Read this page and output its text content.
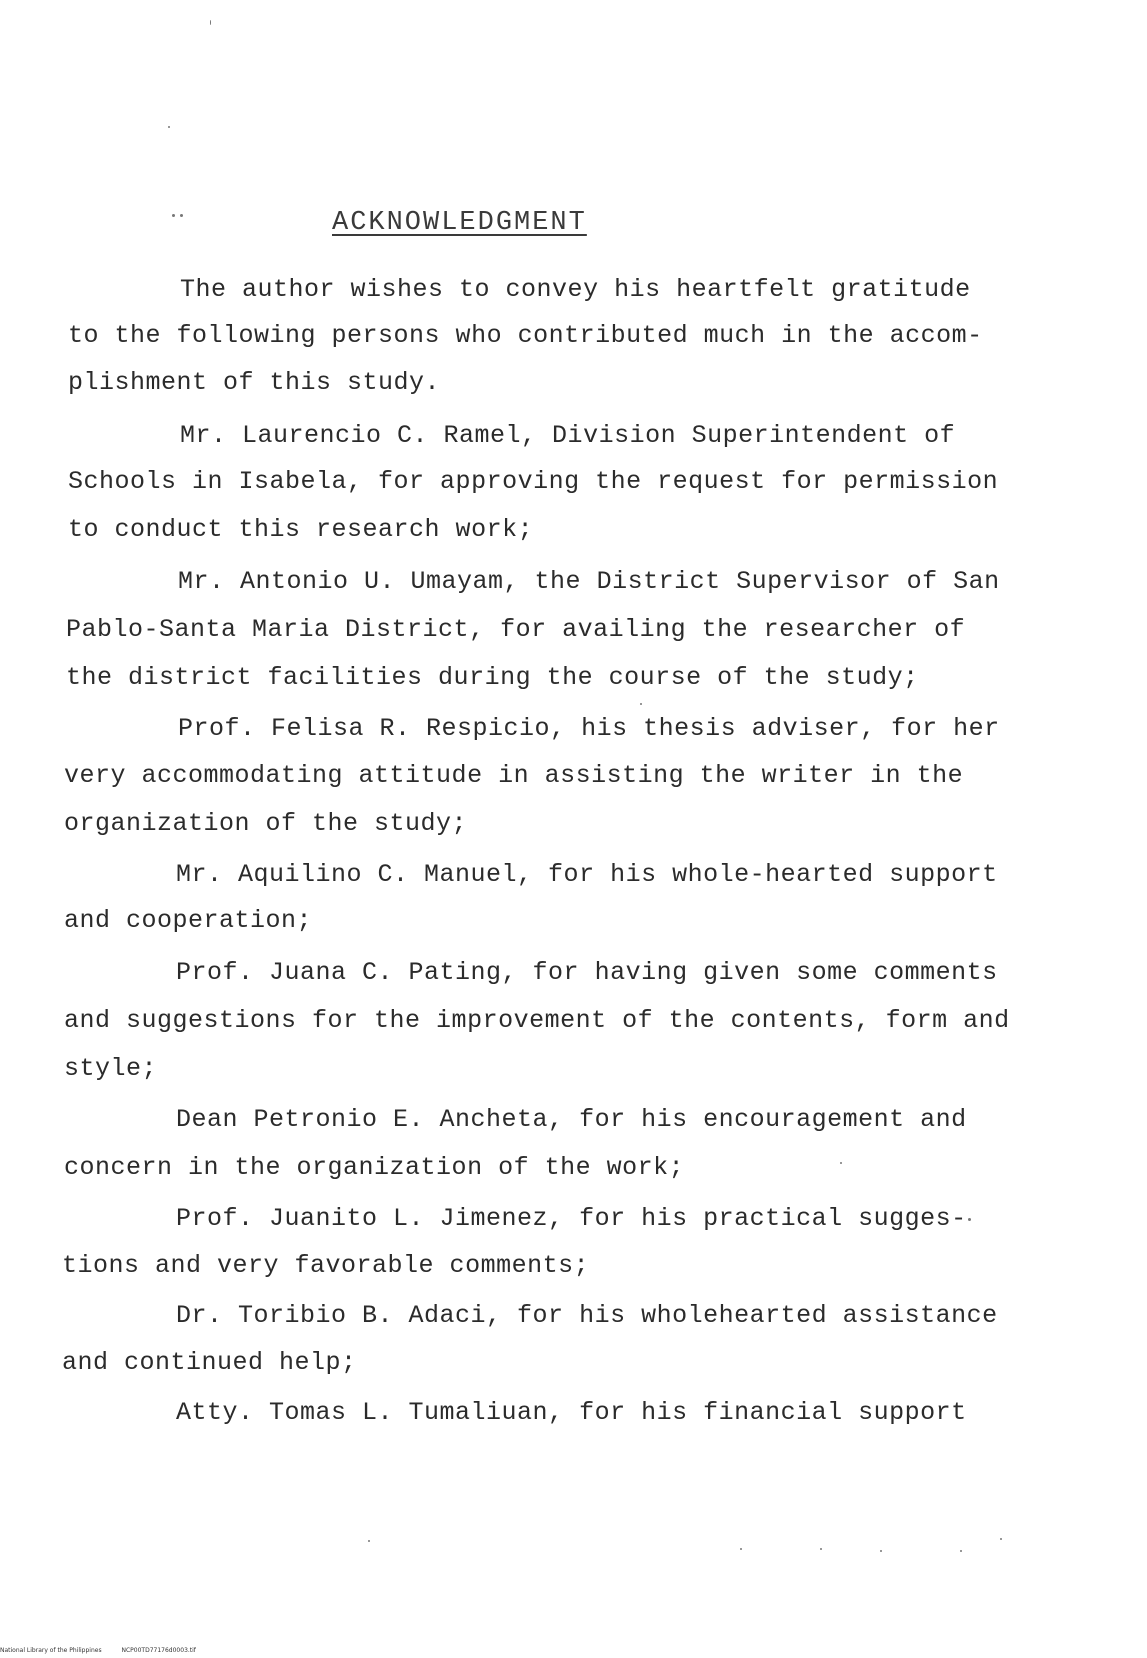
ACKNOWLEDGMENT
The author wishes to convey his heartfelt gratitude
to the following persons who contributed much in the accom-
plishment of this study.
Mr. Laurencio C. Ramel, Division Superintendent of
Schools in Isabela, for approving the request for permission
to conduct this research work;
Mr. Antonio U. Umayam, the District Supervisor of San
Pablo-Santa Maria District, for availing the researcher of
the district facilities during the course of the study;
Prof. Felisa R. Respicio, his thesis adviser, for her
very accommodating attitude in assisting the writer in the
organization of the study;
Mr. Aquilino C. Manuel, for his whole-hearted support
and cooperation;
Prof. Juana C. Pating, for having given some comments
and suggestions for the improvement of the contents, form and
style;
Dean Petronio E. Ancheta, for his encouragement and
concern in the organization of the work;
Prof. Juanito L. Jimenez, for his practical sugges-
tions and very favorable comments;
Dr. Toribio B. Adaci, for his wholehearted assistance
and continued help;
Atty. Tomas L. Tumaliuan, for his financial support
National Library of the Philippines	NCP00TD77176d0003.tif
